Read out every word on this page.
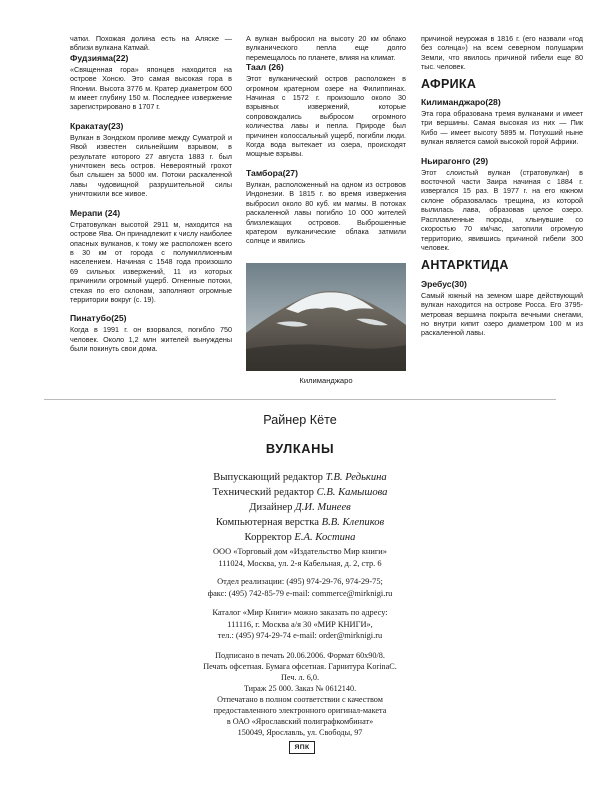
чатки. Похожая долина есть на Аляске — вблизи вулкана Катмай.

Фудзияма(22)

«Священная гора» японцев находится на острове Хонсю. Это самая высокая гора в Японии. Высота 3776 м. Кратер диаметром 600 м имеет глубину 150 м. Последнее извержение зарегистрировано в 1707 г.

Кракатау(23)

Вулкан в Зондском проливе между Суматрой и Явой известен сильнейшим взрывом, в результате которого 27 августа 1883 г. был уничтожен весь остров. Невероятный грохот был слышен за 5000 км. Потоки раскаленной лавы чудовищной разрушительной силы уничтожили все живое.

Мерапи (24)

Стратовулкан высотой 2911 м, находится на острове Ява. Он принадлежит к числу наиболее опасных вулканов, к тому же расположен всего в 30 км от города с полумиллионным населением. Начиная с 1548 года произошло 69 сильных извержений, 11 из которых причинили огромный ущерб. Огненные потоки, стекая по его склонам, заполняют огромные территории вокруг (с. 19).

Пинатубо(25)

Когда в 1991 г. он взорвался, погибло 750 человек. Около 1,2 млн жителей вынуждены были покинуть свои дома.

А вулкан выбросил на высоту 20 км облако вулканического пепла еще долго перемещалось по планете, влияя на климат.

Таал (26)

Этот вулканический остров расположен в огромном кратерном озере на Филиппинах. Начиная с 1572 г. произошло около 30 взрывных извержений, которые сопровождались выбросом огромного количества лавы и пепла. Природе был причинен колоссальный ущерб, погибли люди. Когда вода вытекает из озера, происходят мощные взрывы.

Тамбора(27)

Вулкан, расположенный на одном из островов Индонезии. В 1815 г. во время извержения выбросил около 80 куб. км магмы. В потоках раскаленной лавы погибло 10 000 жителей близлежащих островов. Выброшенные кратером вулканические облака затмили солнце и явились

Килиманджаро

причиной неурожая в 1816 г. (его назвали «год без солнца») на всем северном полушарии Земли, что явилось причиной гибели еще 80 тыс. человек.

АФРИКА
Килиманджаро(28)

Эта гора образована тремя вулканами и имеет три вершины. Самая высокая из них — Пик Кибо — имеет высоту 5895 м. Потухший ныне вулкан является самой высокой горой Африки.

Ньирагонго (29)

Этот слоистый вулкан (стратовулкан) в восточной части Заира начиная с 1884 г. извергался 15 раз. В 1977 г. на его южном склоне образовалась трещина, из которой вылилась лава, образовав целое озеро. Расплавленные породы, хлынувшие со скоростью 70 км/час, затопили огромную территорию, явившись причиной гибели 300 человек.

АНТАРКТИДА
Эребус(30)

Самый южный на земном шаре действующий вулкан находится на острове Росса. Его 3795-метровая вершина покрыта вечными снегами, но внутри кипит озеро диаметром 100 м из раскаленной лавы.

Райнер Кёте
ВУЛКАНЫ
Выпускающий редактор Т.В. Редькина
Технический редактор С.В. Камышова
Дизайнер Д.И. Минеев
Компьютерная верстка В.В. Клепиков
Корректор Е.А. Костина
ООО «Торговый дом «Издательство Мир книги»
111024, Москва, ул. 2-я Кабельная, д. 2, стр. 6
Отдел реализации: (495) 974-29-76, 974-29-75;
факс: (495) 742-85-79 e-mail: commerce@mirknigi.ru
Каталог «Мир Книги» можно заказать по адресу:
111116, г. Москва а/я 30 «МИР КНИГИ»,
тел.: (495) 974-29-74 e-mail: order@mirknigi.ru
Подписано в печать 20.06.2006. Формат 60х90/8.
Печать офсетная. Бумага офсетная. Гарнитура KorinaC.
Печ. л. 6,0.
Тираж 25 000. Заказ № 0612140.
Отпечатано в полном соответствии с качеством
предоставленного электронного оригинал-макета
в ОАО «Ярославский полиграфкомбинат»
150049, Ярославль, ул. Свободы, 97
ЯПК
